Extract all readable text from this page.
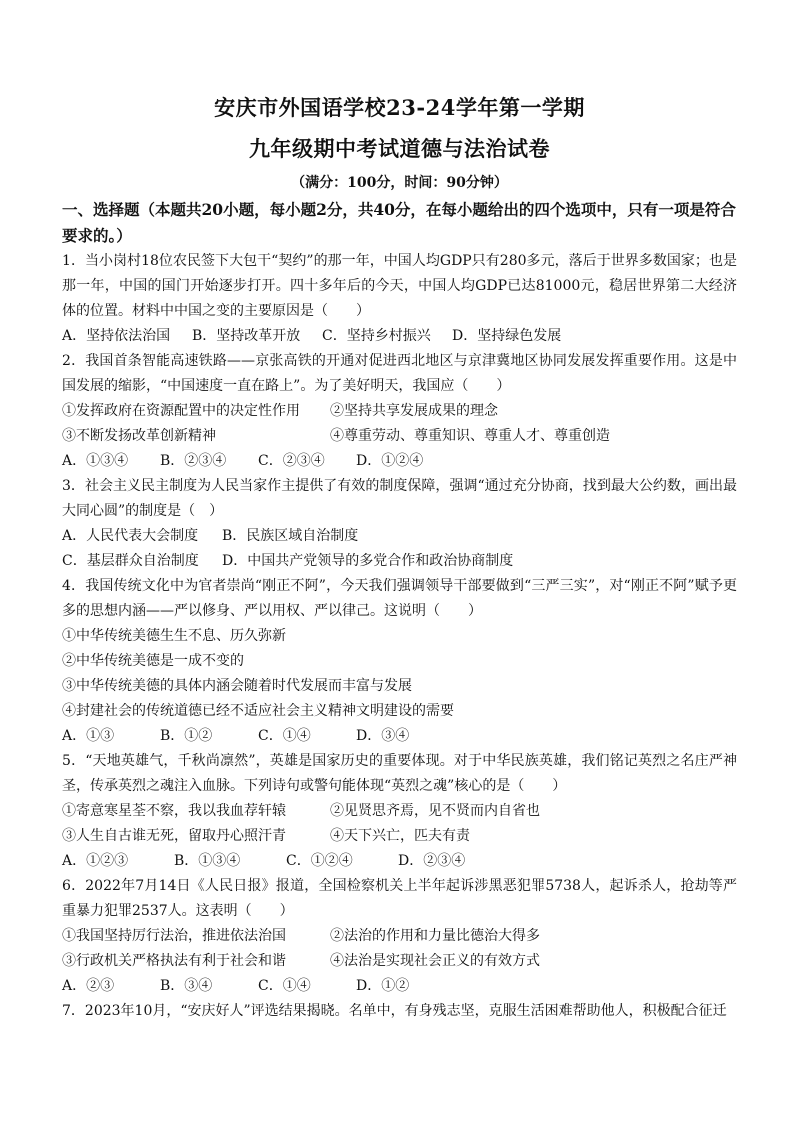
安庆市外国语学校23-24学年第一学期
九年级期中考试道德与法治试卷
（满分：100分，时间：90分钟）
一、选择题（本题共20小题，每小题2分，共40分，在每小题给出的四个选项中，只有一项是符合要求的。）
1．当小岗村18位农民签下大包干“契约”的那一年，中国人均GDP只有280多元，落后于世界多数国家；也是那一年，中国的国门开始逐步打开。四十多年后的今天，中国人均GDP已达81000元，稳居世界第二大经济体的位置。材料中中国之变的主要原因是（　　）
A．坚持依法治国 B．坚持改革开放 C．坚持乡村振兴 D．坚持绿色发展
2．我国首条智能高速铁路——京张高铁的开通对促进西北地区与京津冀地区协同发展发挥重要作用。这是中国发展的缩影，“中国速度一直在路上”。为了美好明天，我国应（　　）
①发挥政府在资源配置中的决定性作用 ②坚持共享发展成果的理念
③不断发扬改革创新精神	④尊重劳动、尊重知识、尊重人才、尊重创造
A．①③④ B．②③④ C．②③④ D．①②④
3．社会主义民主制度为人民当家作主提供了有效的制度保障，强调“通过充分协商，找到最大公约数，画出最大同心圆”的制度是（　）
A．人民代表大会制度 B．民族区域自治制度
C．基层群众自治制度 D．中国共产党领导的多党合作和政治协商制度
4．我国传统文化中为官者崇尚“刚正不阿”，今天我们强调领导干部要做到“三严三实”，对“刚正不阿”赋予更多的思想内涵——严以修身、严以用权、严以律己。这说明（　　）
①中华传统美德生生不息、历久弥新
②中华传统美德是一成不变的
③中华传统美德的具体内涵会随着时代发展而丰富与发展
④封建社会的传统道德已经不适应社会主义精神文明建设的需要
A．①③	B．①②	C．①④	D．③④
5．“天地英雄气，千秋尚凛然”，英雄是国家历史的重要体现。对于中华民族英雄，我们铭记英烈之名庄严神圣，传承英烈之魂注入血脉。下列诗句或警句能体现“英烈之魂”核心的是（　　）
①寄意寒星荃不察，我以我血荐轩辕	②见贤思齐焉，见不贤而内自省也
③人生自古谁无死，留取丹心照汗青	④天下兴亡，匹夫有责
A．①②③	B．①③④	C．①②④	D．②③④
6．2022年7月14日《人民日报》报道，全国检察机关上半年起诉涉黑恶犯罪5738人，起诉杀人，抢劫等严重暴力犯罪2537人。这表明（　　）
①我国坚持厉行法治，推进依法治国	②法治的作用和力量比德治大得多
③行政机关严格执法有利于社会和谐	④法治是实现社会正义的有效方式
A．②③	B．③④	C．①④	D．①②
7．2023年10月，“安庆好人”评选结果揭晓。名单中，有身残志坚，克服生活困难帮助他人，积极配合征迁
